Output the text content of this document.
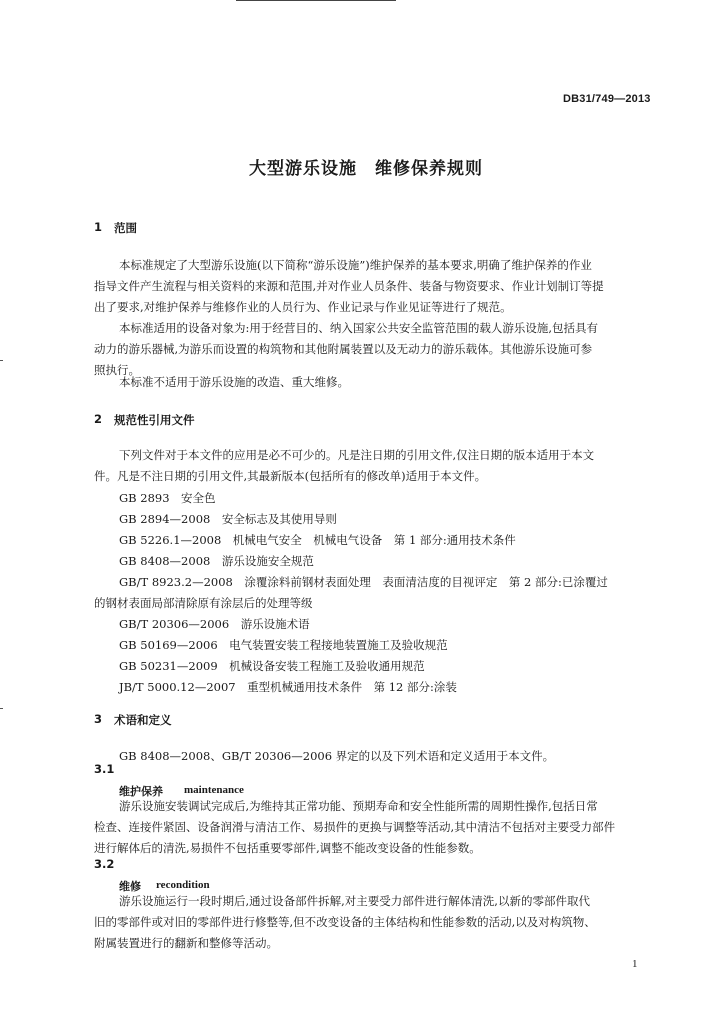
DB31/749—2013
大型游乐设施　维修保养规则
1 范围
本标准规定了大型游乐设施(以下简称“游乐设施”)维护保养的基本要求,明确了维护保养的作业
指导文件产生流程与相关资料的来源和范围,并对作业人员条件、装备与物资要求、作业计划制订等提
出了要求,对维护保养与维修作业的人员行为、作业记录与作业见证等进行了规范。
本标准适用的设备对象为:用于经营目的、纳入国家公共安全监管范围的载人游乐设施,包括具有
动力的游乐器械,为游乐而设置的构筑物和其他附属装置以及无动力的游乐载体。其他游乐设施可参
照执行。
本标准不适用于游乐设施的改造、重大维修。
2 规范性引用文件
下列文件对于本文件的应用是必不可少的。凡是注日期的引用文件,仅注日期的版本适用于本文
件。凡是不注日期的引用文件,其最新版本(包括所有的修改单)适用于本文件。
GB 2893　安全色
GB 2894—2008　安全标志及其使用导则
GB 5226.1—2008　机械电气安全　机械电气设备　第 1 部分:通用技术条件
GB 8408—2008　游乐设施安全规范
GB/T 8923.2—2008　涂覆涂料前钢材表面处理　表面清洁度的目视评定　第 2 部分:已涂覆过
的钢材表面局部清除原有涂层后的处理等级
GB/T 20306—2006　游乐设施术语
GB 50169—2006　电气装置安装工程接地装置施工及验收规范
GB 50231—2009　机械设备安装工程施工及验收通用规范
JB/T 5000.12—2007　重型机械通用技术条件　第 12 部分:涂装
3 术语和定义
GB 8408—2008、GB/T 20306—2006 界定的以及下列术语和定义适用于本文件。
3.1
维护保养 maintenance
游乐设施安装调试完成后,为维持其正常功能、预期寿命和安全性能所需的周期性操作,包括日常
检查、连接件紧固、设备润滑与清洁工作、易损件的更换与调整等活动,其中清洁不包括对主要受力部件
进行解体后的清洗,易损件不包括重要零部件,调整不能改变设备的性能参数。
3.2
维修 recondition
游乐设施运行一段时期后,通过设备部件拆解,对主要受力部件进行解体清洗,以新的零部件取代
旧的零部件或对旧的零部件进行修整等,但不改变设备的主体结构和性能参数的活动,以及对构筑物、
附属装置进行的翻新和整修等活动。
1
